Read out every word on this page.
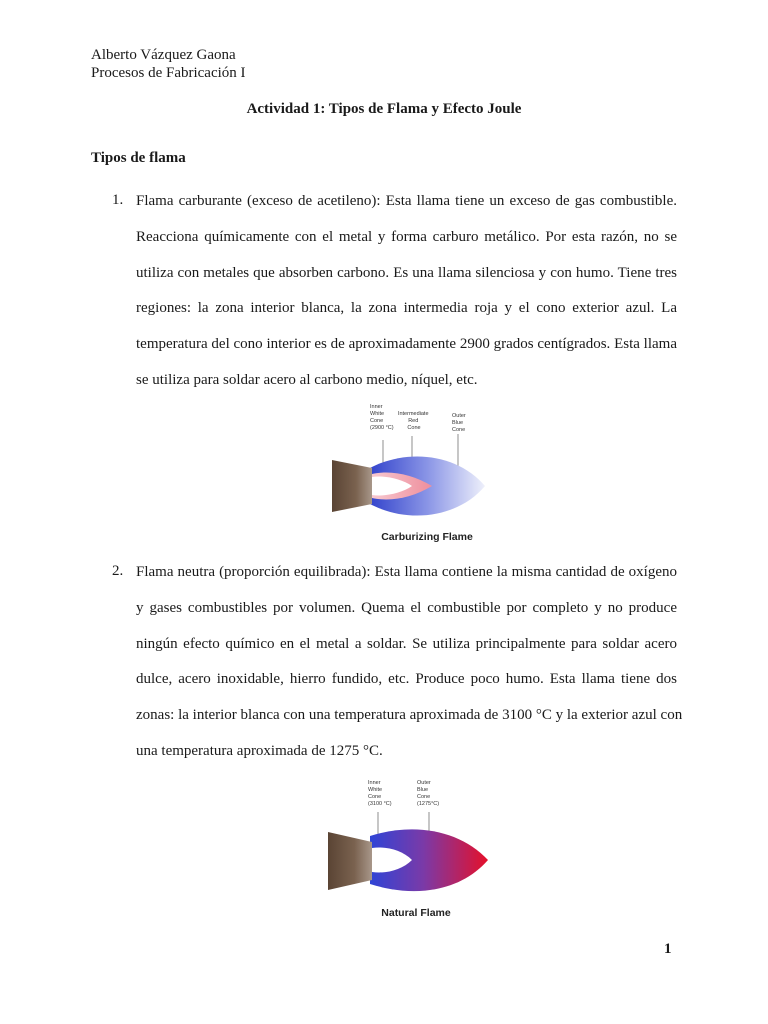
Alberto Vázquez Gaona
Procesos de Fabricación I
Actividad 1: Tipos de Flama y Efecto Joule
Tipos de flama
1. Flama carburante (exceso de acetileno): Esta llama tiene un exceso de gas combustible.
Reacciona químicamente con el metal y forma carburo metálico. Por esta razón, no se
utiliza con metales que absorben carbono. Es una llama silenciosa y con humo. Tiene tres
regiones: la zona interior blanca, la zona intermedia roja y el cono exterior azul. La
temperatura del cono interior es de aproximadamente 2900 grados centígrados. Esta llama
se utiliza para soldar acero al carbono medio, níquel, etc.
Inner White Cone (2900 °C)
Intermediate Red Cone
Outer Blue Cone
Carburizing Flame
2. Flama neutra (proporción equilibrada): Esta llama contiene la misma cantidad de oxígeno
y gases combustibles por volumen. Quema el combustible por completo y no produce
ningún efecto químico en el metal a soldar. Se utiliza principalmente para soldar acero
dulce, acero inoxidable, hierro fundido, etc. Produce poco humo. Esta llama tiene dos
zonas: la interior blanca con una temperatura aproximada de 3100 °C y la exterior azul con
una temperatura aproximada de 1275 °C.
Inner White Cone (3100 °C)
Outer Blue Cone (1275°C)
Natural Flame
1
